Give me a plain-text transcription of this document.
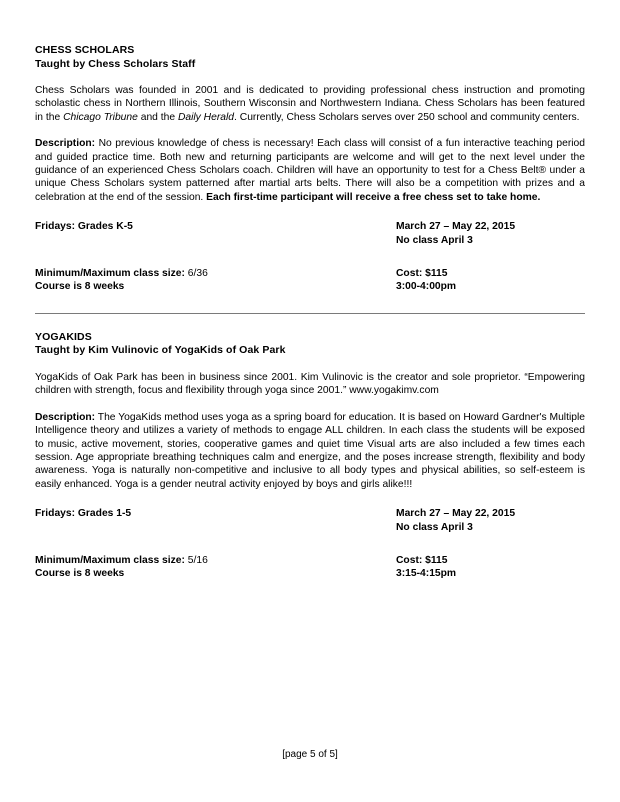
CHESS SCHOLARS
Taught by Chess Scholars Staff

Chess Scholars was founded in 2001 and is dedicated to providing professional chess instruction and promoting scholastic chess in Northern Illinois, Southern Wisconsin and Northwestern Indiana. Chess Scholars has been featured in the Chicago Tribune and the Daily Herald. Currently, Chess Scholars serves over 250 school and community centers.

Description: No previous knowledge of chess is necessary! Each class will consist of a fun interactive teaching period and guided practice time. Both new and returning participants are welcome and will get to the next level under the guidance of an experienced Chess Scholars coach. Children will have an opportunity to test for a Chess Belt® under a unique Chess Scholars system patterned after martial arts belts. There will also be a competition with prizes and a celebration at the end of the session. Each first-time participant will receive a free chess set to take home.

Fridays: Grades K-5	March 27 – May 22, 2015
No class April 3
Minimum/Maximum class size: 6/36
Course is 8 weeks
Cost: $115
3:00-4:00pm
YOGAKIDS
Taught by Kim Vulinovic of YogaKids of Oak Park

YogaKids of Oak Park has been in business since 2001. Kim Vulinovic is the creator and sole proprietor. “Empowering children with strength, focus and flexibility through yoga since 2001.” www.yogakimv.com

Description: The YogaKids method uses yoga as a spring board for education. It is based on Howard Gardner's Multiple Intelligence theory and utilizes a variety of methods to engage ALL children. In each class the students will be exposed to music, active movement, stories, cooperative games and quiet time Visual arts are also included a few times each session. Age appropriate breathing techniques calm and energize, and the poses increase strength, flexibility and body awareness. Yoga is naturally non-competitive and inclusive to all body types and physical abilities, so self-esteem is easily enhanced. Yoga is a gender neutral activity enjoyed by boys and girls alike!!!

Fridays: Grades 1-5	March 27 – May 22, 2015
No class April 3
Minimum/Maximum class size: 5/16
Course is 8 weeks
Cost: $115
3:15-4:15pm
[page 5 of 5]
